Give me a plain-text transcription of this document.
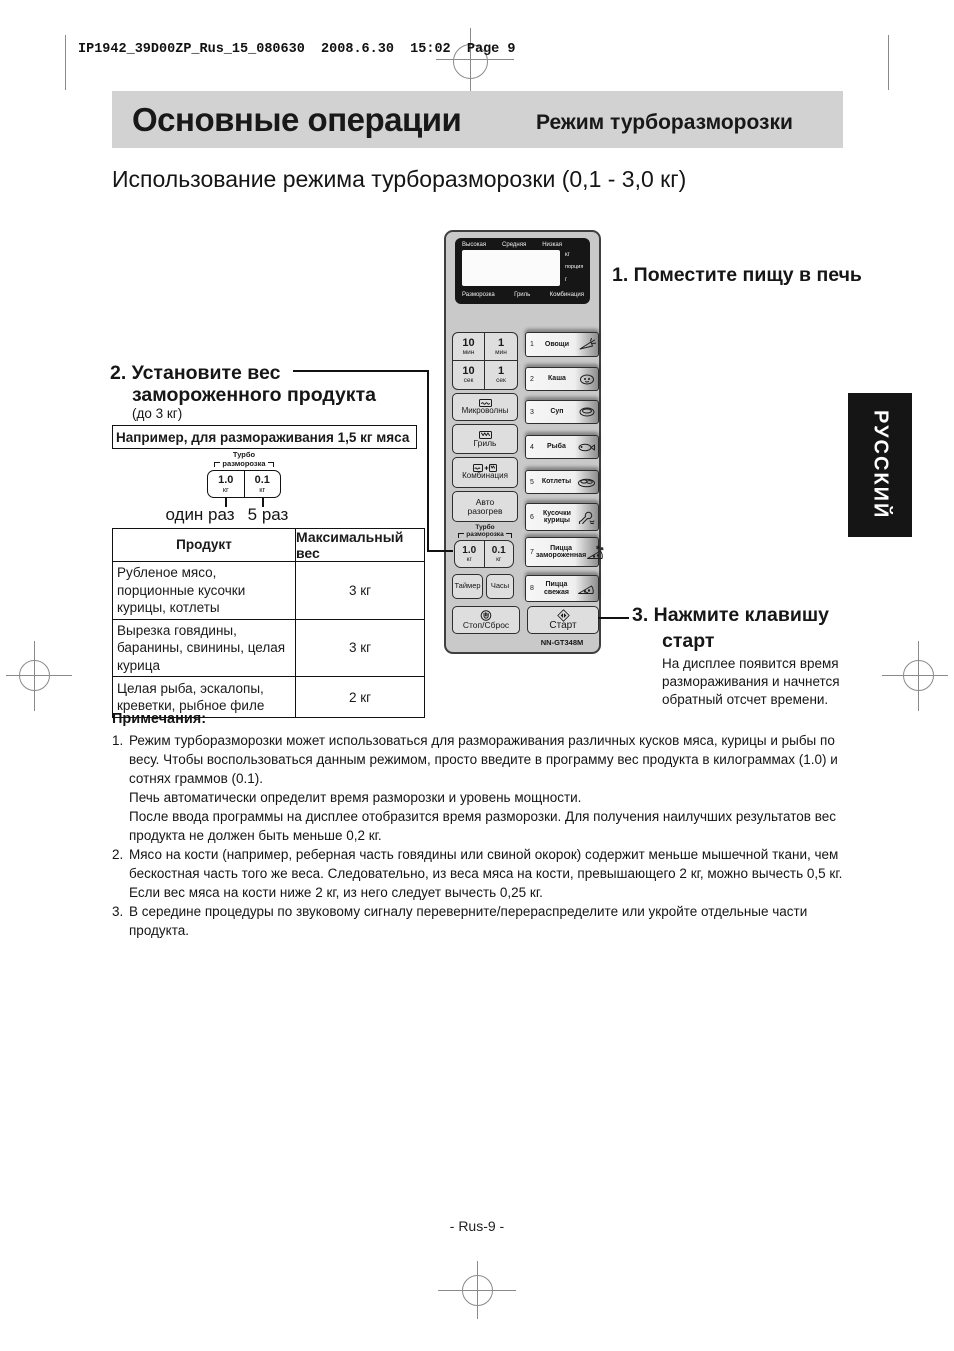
IP1942_39D00ZP_Rus_15_080630  2008.6.30  15:02  Page 9
Основные операции	Режим турборазморозки
Использование режима турборазморозки (0,1 - 3,0 кг)
Высокая	Средняя	Низкая
кг
порция
г
Разморозка	Гриль	Комбинация
10
мин
1
мин
10
сек
1
сек
Микроволны
Гриль
Комбинация
Авто разогрев
Турбо
разморозка
1.0
кг
0.1
кг
Таймер Часы
Стоп/Сброс
1	Овощи
2	Каша
3	Суп
4	Рыба
5	Котлеты
6
Кусочки курицы
7
Пицца замороженная
8
Пицца свежая
Старт
NN-GT348M
1. Поместите пищу в печь
2. Установите вес
замороженного продукта
(до 3 кг)
Например, для размораживания 1,5 кг мяса
Турбо
разморозка
1.0
кг
0.1
кг
один раз 5 раз
Продукт	Максимальный вес
Рубленое мясо, порционные кусочки курицы, котлеты
3 кг
Вырезка говядины, баранины, свинины, целая курица
3 кг
Целая рыба, эскалопы, креветки, рыбное филе
2 кг
3. Нажмите клавишу
старт
На дисплее появится время
размораживания и начнется
обратный отсчет времени.
РУССКИЙ
Примечания:
1. Режим турборазморозки может использоваться для размораживания различных кусков мяса, курицы и рыбы по весу. Чтобы воспользоваться данным режимом, просто введите в программу вес продукта в килограммах (1.0) и сотнях граммов (0.1).
Печь автоматически определит время разморозки и уровень мощности.
После ввода программы на дисплее отобразится время разморозки. Для получения наилучших результатов вес продукта не должен быть меньше 0,2 кг.
2. Мясо на кости (например, реберная часть говядины или свиной окорок) содержит меньше мышечной ткани, чем бескостная часть того же веса. Следовательно, из веса мяса на кости, превышающего 2 кг, можно вычесть 0,5 кг. Если вес мяса на кости ниже 2 кг, из него следует вычесть 0,25 кг.
3. В середине процедуры по звуковому сигналу переверните/перераспределите или укройте отдельные части продукта.
- Rus-9 -
